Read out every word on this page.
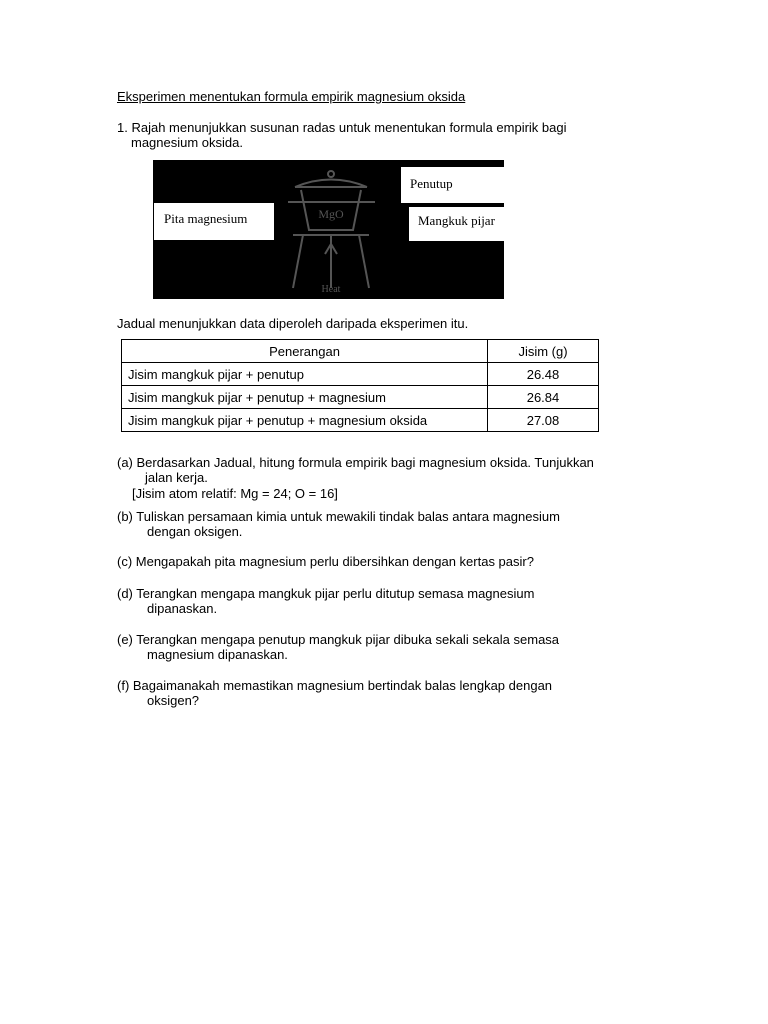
Eksperimen menentukan formula empirik magnesium oksida
1. Rajah menunjukkan susunan radas untuk menentukan formula empirik bagi
magnesium oksida.
MgO
Heat
Penutup
Pita magnesium	Mangkuk pijar
Jadual menunjukkan data diperoleh daripada eksperimen itu.
Penerangan	Jisim (g)
Jisim mangkuk pijar + penutup	26.48
Jisim mangkuk pijar + penutup + magnesium	26.84
Jisim mangkuk pijar + penutup + magnesium oksida	27.08
(a) Berdasarkan Jadual, hitung formula empirik bagi magnesium oksida. Tunjukkan
jalan kerja.
[Jisim atom relatif: Mg = 24; O = 16]
(b) Tuliskan persamaan kimia untuk mewakili tindak balas antara magnesium
dengan oksigen.
(c) Mengapakah pita magnesium perlu dibersihkan dengan kertas pasir?
(d) Terangkan mengapa mangkuk pijar perlu ditutup semasa magnesium
dipanaskan.
(e) Terangkan mengapa penutup mangkuk pijar dibuka sekali sekala semasa
magnesium dipanaskan.
(f) Bagaimanakah memastikan magnesium bertindak balas lengkap dengan
oksigen?
